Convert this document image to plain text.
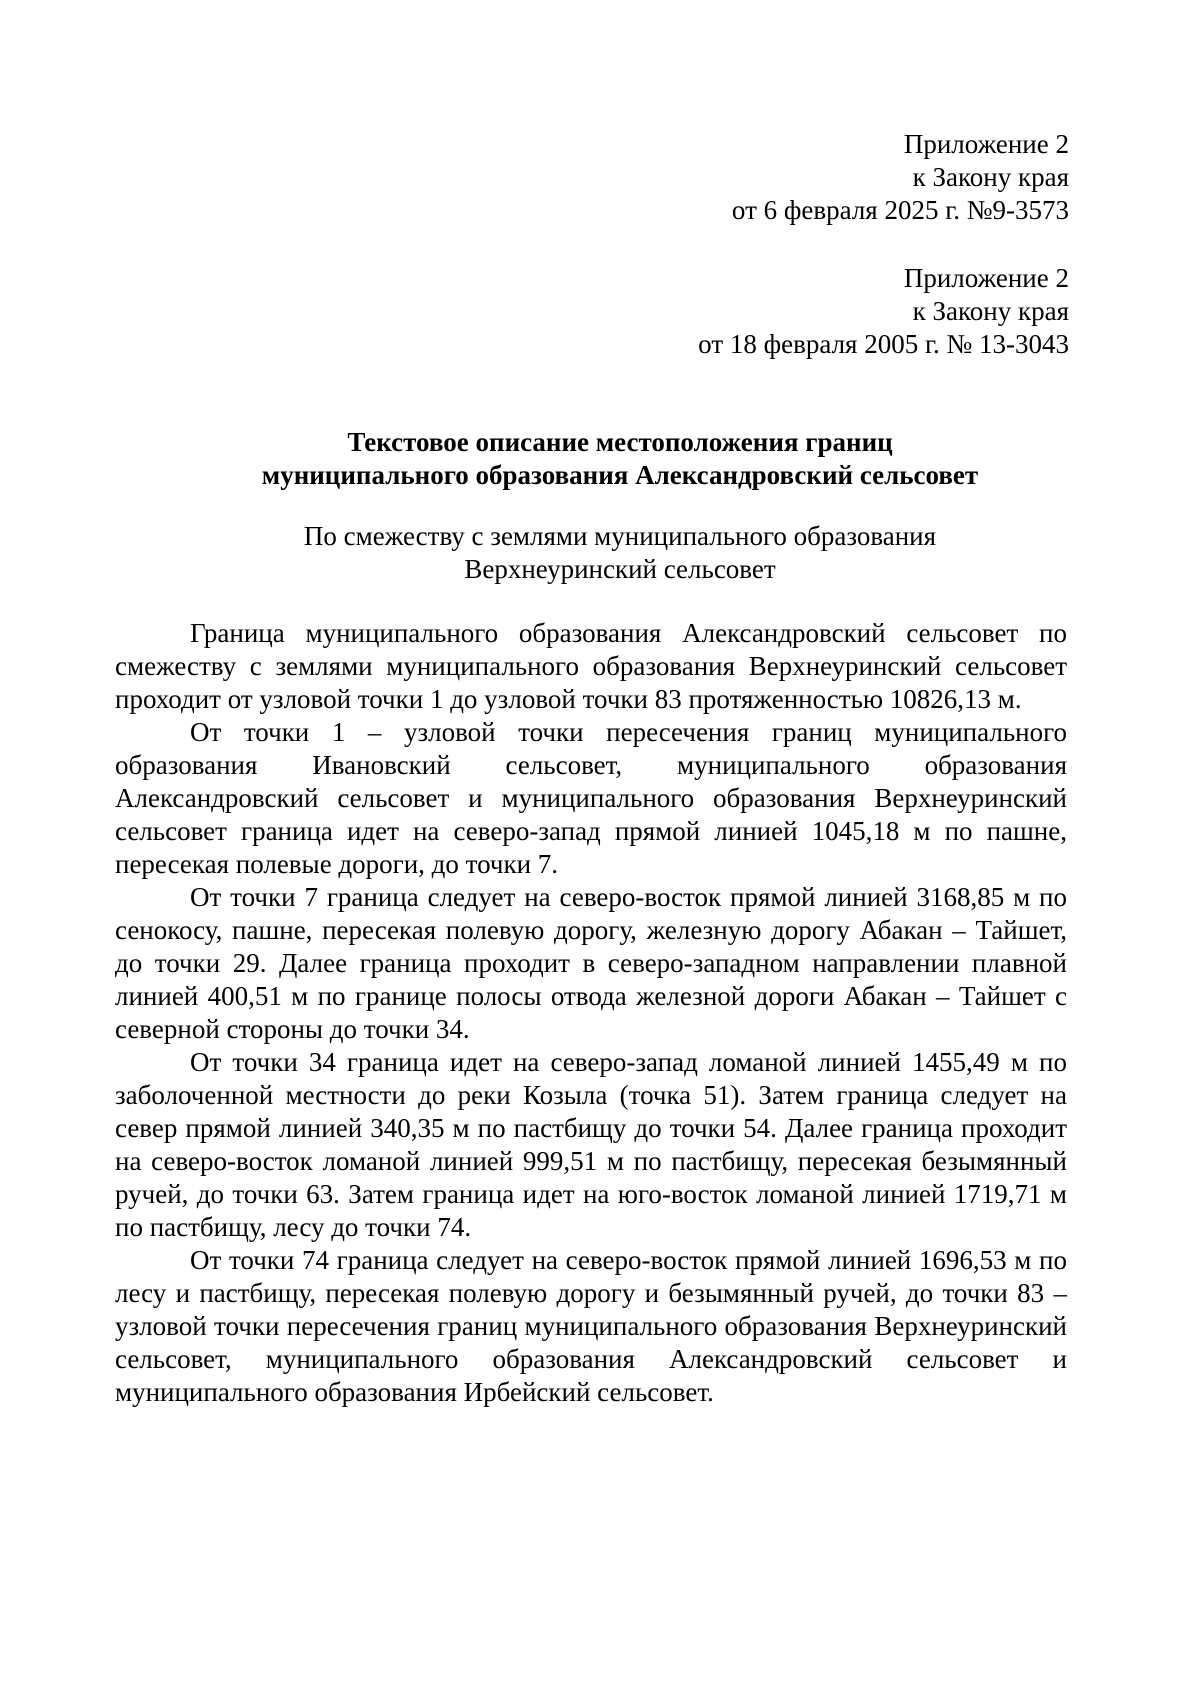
Приложение 2
к Закону края
от 6 февраля 2025 г. №9-3573
Приложение 2
к Закону края
от 18 февраля 2005 г. № 13-3043
Текстовое описание местоположения границ
муниципального образования Александровский сельсовет
По смежеству с землями муниципального образования
Верхнеуринский сельсовет

Граница муниципального образования Александровский сельсовет по смежеству с землями муниципального образования Верхнеуринский сельсовет проходит от узловой точки 1 до узловой точки 83 протяженностью 10826,13 м.

От точки 1 – узловой точки пересечения границ муниципального образования Ивановский сельсовет, муниципального образования Александровский сельсовет и муниципального образования Верхнеуринский сельсовет граница идет на северо-запад прямой линией 1045,18 м по пашне, пересекая полевые дороги, до точки 7.

От точки 7 граница следует на северо-восток прямой линией 3168,85 м по сенокосу, пашне, пересекая полевую дорогу, железную дорогу Абакан – Тайшет, до точки 29. Далее граница проходит в северо-западном направлении плавной линией 400,51 м по границе полосы отвода железной дороги Абакан – Тайшет с северной стороны до точки 34.

От точки 34 граница идет на северо-запад ломаной линией 1455,49 м по заболоченной местности до реки Козыла (точка 51). Затем граница следует на север прямой линией 340,35 м по пастбищу до точки 54. Далее граница проходит на северо-восток ломаной линией 999,51 м по пастбищу, пересекая безымянный ручей, до точки 63. Затем граница идет на юго-восток ломаной линией 1719,71 м по пастбищу, лесу до точки 74.

От точки 74 граница следует на северо-восток прямой линией 1696,53 м по лесу и пастбищу, пересекая полевую дорогу и безымянный ручей, до точки 83 – узловой точки пересечения границ муниципального образования Верхнеуринский сельсовет, муниципального образования Александровский сельсовет и муниципального образования Ирбейский сельсовет.
